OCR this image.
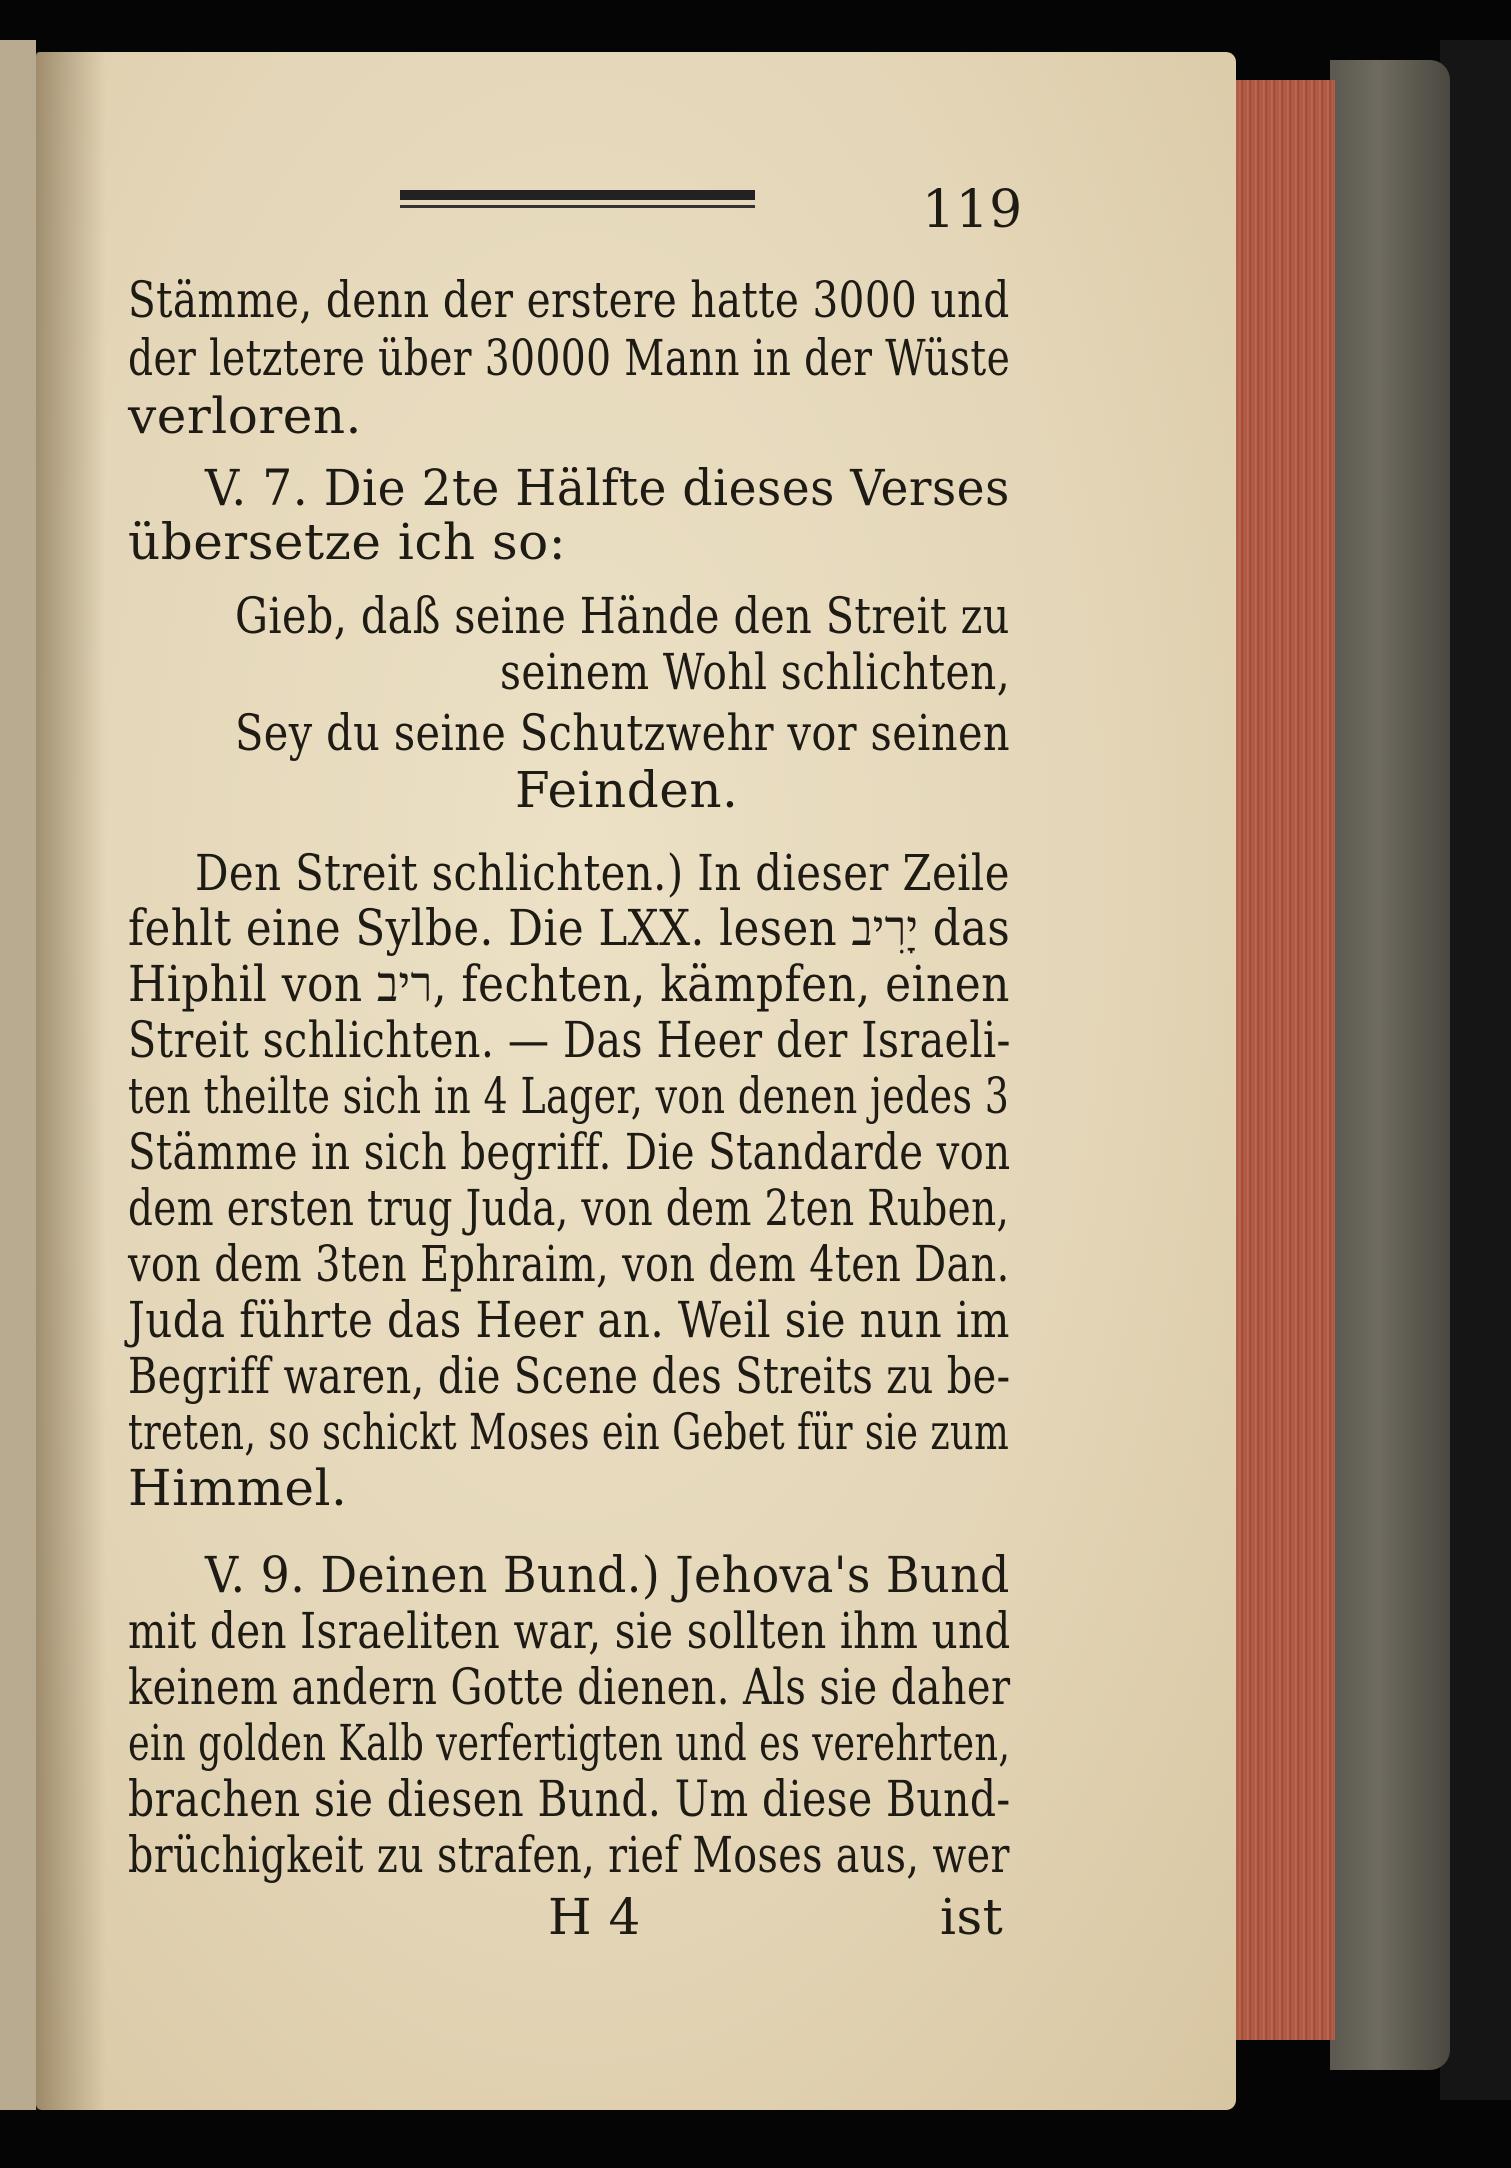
119
Stämme, denn der erstere hatte 3000 und
der letztere über 30000 Mann in der Wüste
verloren.
V. 7. Die 2te Hälfte dieses Verses
übersetze ich so:
Gieb, daß seine Hände den Streit zu
seinem Wohl schlichten,
Sey du seine Schutzwehr vor seinen
Feinden.
Den Streit schlichten.) In dieser Zeile
fehlt eine Sylbe. Die LXX. lesen יָרִיב das
Hiphil von ריב, fechten, kämpfen, einen
Streit schlichten. — Das Heer der Israeli-
ten theilte sich in 4 Lager, von denen jedes 3
Stämme in sich begriff. Die Standarde von
dem ersten trug Juda, von dem 2ten Ruben,
von dem 3ten Ephraim, von dem 4ten Dan.
Juda führte das Heer an. Weil sie nun im
Begriff waren, die Scene des Streits zu be-
treten, so schickt Moses ein Gebet für sie zum
Himmel.
V. 9. Deinen Bund.) Jehova's Bund
mit den Israeliten war, sie sollten ihm und
keinem andern Gotte dienen. Als sie daher
ein golden Kalb verfertigten und es verehrten,
brachen sie diesen Bund. Um diese Bund-
brüchigkeit zu strafen, rief Moses aus, wer
H 4	ist
